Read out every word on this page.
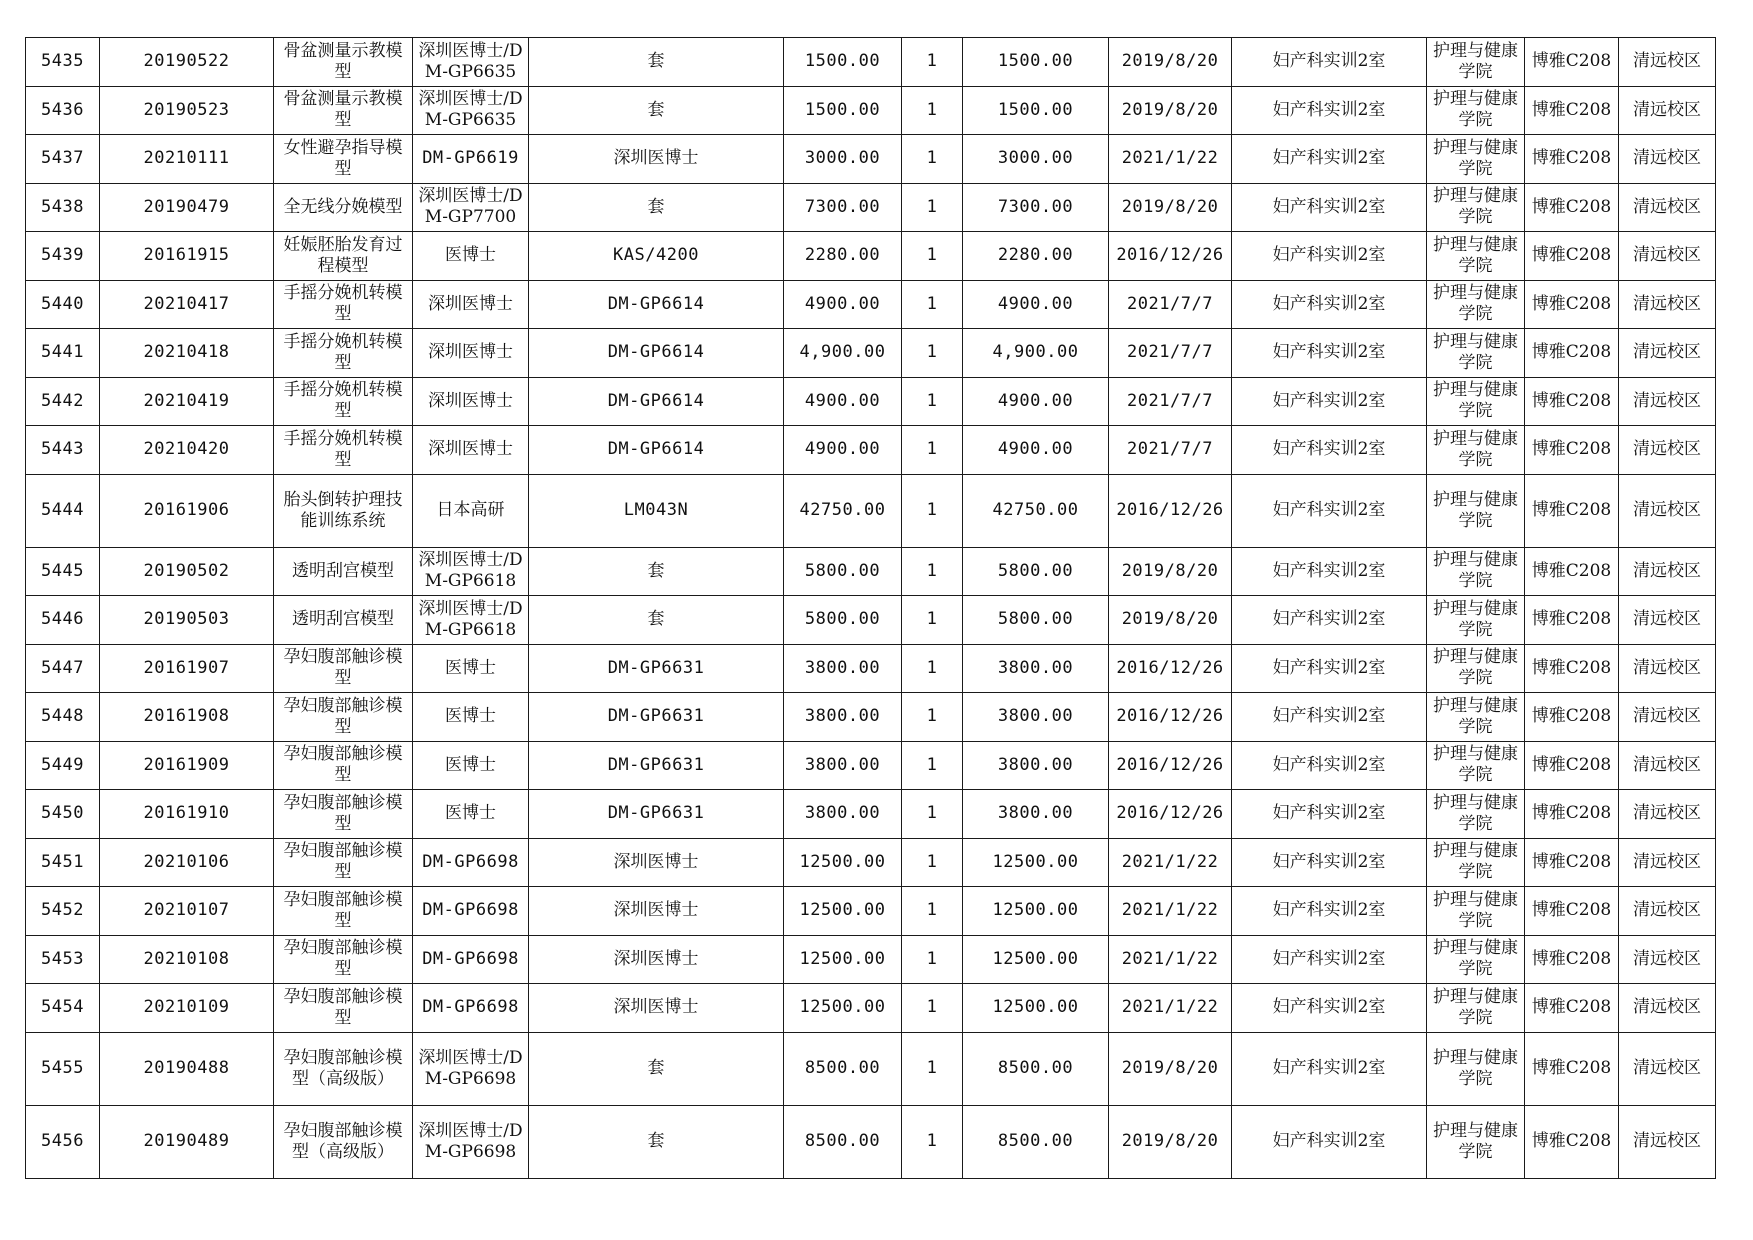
5435	20190522	骨盆测量示教模型	深圳医博士/DM-GP6635	套	1500.00	1	1500.00	2019/8/20	妇产科实训2室	护理与健康学院	博雅C208	清远校区
5436	20190523	骨盆测量示教模型	深圳医博士/DM-GP6635	套	1500.00	1	1500.00	2019/8/20	妇产科实训2室	护理与健康学院	博雅C208	清远校区
5437	20210111	女性避孕指导模型	DM-GP6619	深圳医博士	3000.00	1	3000.00	2021/1/22	妇产科实训2室	护理与健康学院	博雅C208	清远校区
5438	20190479	全无线分娩模型	深圳医博士/DM-GP7700	套	7300.00	1	7300.00	2019/8/20	妇产科实训2室	护理与健康学院	博雅C208	清远校区
5439	20161915	妊娠胚胎发育过程模型	医博士	KAS/4200	2280.00	1	2280.00	2016/12/26	妇产科实训2室	护理与健康学院	博雅C208	清远校区
5440	20210417	手摇分娩机转模型	深圳医博士	DM-GP6614	4900.00	1	4900.00	2021/7/7	妇产科实训2室	护理与健康学院	博雅C208	清远校区
5441	20210418	手摇分娩机转模型	深圳医博士	DM-GP6614	4,900.00	1	4,900.00	2021/7/7	妇产科实训2室	护理与健康学院	博雅C208	清远校区
5442	20210419	手摇分娩机转模型	深圳医博士	DM-GP6614	4900.00	1	4900.00	2021/7/7	妇产科实训2室	护理与健康学院	博雅C208	清远校区
5443	20210420	手摇分娩机转模型	深圳医博士	DM-GP6614	4900.00	1	4900.00	2021/7/7	妇产科实训2室	护理与健康学院	博雅C208	清远校区
5444	20161906	胎头倒转护理技能训练系统	日本高研	LM043N	42750.00	1	42750.00	2016/12/26	妇产科实训2室	护理与健康学院	博雅C208	清远校区
5445	20190502	透明刮宫模型	深圳医博士/DM-GP6618	套	5800.00	1	5800.00	2019/8/20	妇产科实训2室	护理与健康学院	博雅C208	清远校区
5446	20190503	透明刮宫模型	深圳医博士/DM-GP6618	套	5800.00	1	5800.00	2019/8/20	妇产科实训2室	护理与健康学院	博雅C208	清远校区
5447	20161907	孕妇腹部触诊模型	医博士	DM-GP6631	3800.00	1	3800.00	2016/12/26	妇产科实训2室	护理与健康学院	博雅C208	清远校区
5448	20161908	孕妇腹部触诊模型	医博士	DM-GP6631	3800.00	1	3800.00	2016/12/26	妇产科实训2室	护理与健康学院	博雅C208	清远校区
5449	20161909	孕妇腹部触诊模型	医博士	DM-GP6631	3800.00	1	3800.00	2016/12/26	妇产科实训2室	护理与健康学院	博雅C208	清远校区
5450	20161910	孕妇腹部触诊模型	医博士	DM-GP6631	3800.00	1	3800.00	2016/12/26	妇产科实训2室	护理与健康学院	博雅C208	清远校区
5451	20210106	孕妇腹部触诊模型	DM-GP6698	深圳医博士	12500.00	1	12500.00	2021/1/22	妇产科实训2室	护理与健康学院	博雅C208	清远校区
5452	20210107	孕妇腹部触诊模型	DM-GP6698	深圳医博士	12500.00	1	12500.00	2021/1/22	妇产科实训2室	护理与健康学院	博雅C208	清远校区
5453	20210108	孕妇腹部触诊模型	DM-GP6698	深圳医博士	12500.00	1	12500.00	2021/1/22	妇产科实训2室	护理与健康学院	博雅C208	清远校区
5454	20210109	孕妇腹部触诊模型	DM-GP6698	深圳医博士	12500.00	1	12500.00	2021/1/22	妇产科实训2室	护理与健康学院	博雅C208	清远校区
5455	20190488	孕妇腹部触诊模型（高级版）	深圳医博士/DM-GP6698	套	8500.00	1	8500.00	2019/8/20	妇产科实训2室	护理与健康学院	博雅C208	清远校区
5456	20190489	孕妇腹部触诊模型（高级版）	深圳医博士/DM-GP6698	套	8500.00	1	8500.00	2019/8/20	妇产科实训2室	护理与健康学院	博雅C208	清远校区
